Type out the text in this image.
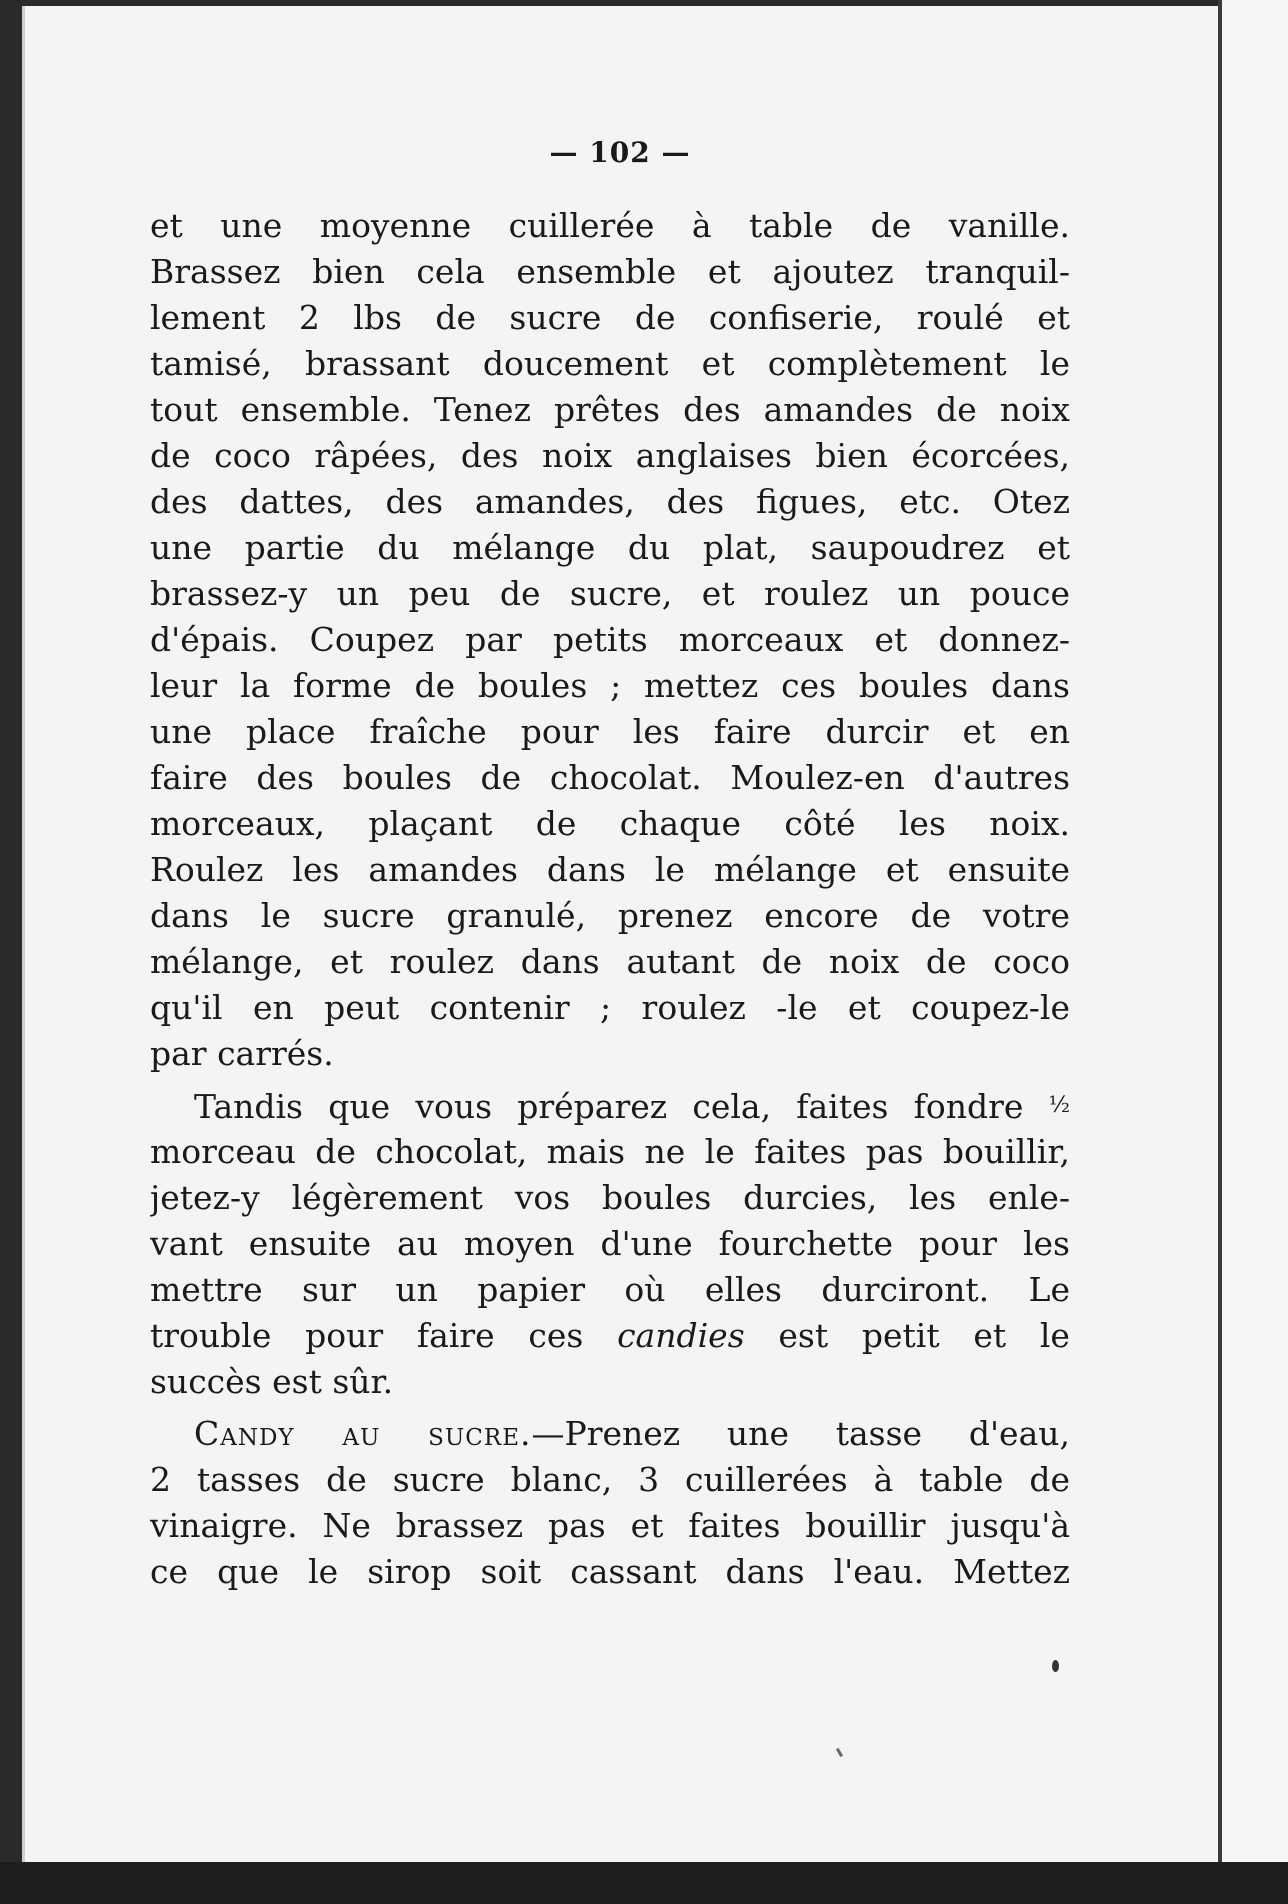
— 102 —
et une moyenne cuillerée à table de vanille.
Brassez bien cela ensemble et ajoutez tranquil-
lement 2 lbs de sucre de confiserie, roulé et
tamisé, brassant doucement et complètement le
tout ensemble. Tenez prêtes des amandes de noix
de coco râpées, des noix anglaises bien écorcées,
des dattes, des amandes, des figues, etc. Otez
une partie du mélange du plat, saupoudrez et
brassez-y un peu de sucre, et roulez un pouce
d'épais. Coupez par petits morceaux et donnez-
leur la forme de boules ; mettez ces boules dans
une place fraîche pour les faire durcir et en
faire des boules de chocolat. Moulez-en d'autres
morceaux, plaçant de chaque côté les noix.
Roulez les amandes dans le mélange et ensuite
dans le sucre granulé, prenez encore de votre
mélange, et roulez dans autant de noix de coco
qu'il en peut contenir ; roulez -le et coupez-le
par carrés.
Tandis que vous préparez cela, faites fondre ½
morceau de chocolat, mais ne le faites pas bouillir,
jetez-y légèrement vos boules durcies, les enle-
vant ensuite au moyen d'une fourchette pour les
mettre sur un papier où elles durciront. Le
trouble pour faire ces candies est petit et le
succès est sûr.
Candy au sucre.—Prenez une tasse d'eau,
2 tasses de sucre blanc, 3 cuillerées à table de
vinaigre. Ne brassez pas et faites bouillir jusqu'à
ce que le sirop soit cassant dans l'eau. Mettez
